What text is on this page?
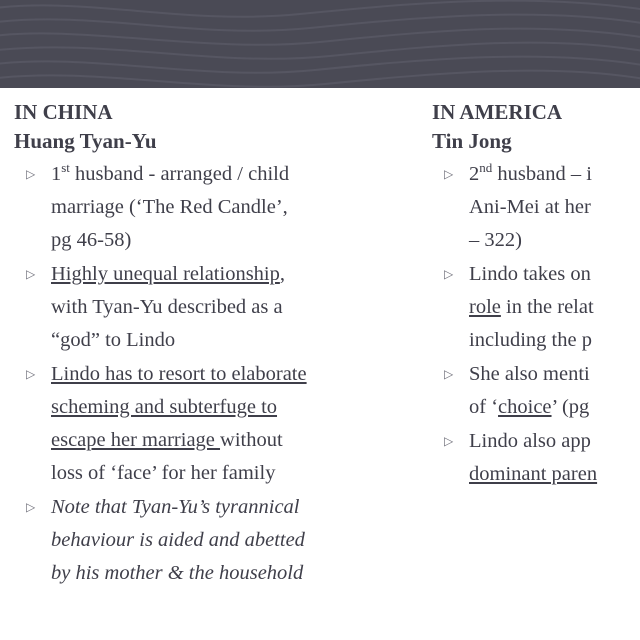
IN CHINA
Huang Tyan-Yu
▷ 1st husband - arranged / child
marriage (‘The Red Candle’,
pg 46-58)
▷ Highly unequal relationship,
with Tyan-Yu described as a
“god” to Lindo
▷ Lindo has to resort to elaborate
scheming and subterfuge to
escape her marriage without
loss of ‘face’ for her family
▷ Note that Tyan-Yu’s tyrannical
behaviour is aided and abetted
by his mother & the household
IN AMERICA
Tin Jong
▷ 2nd husband – i
Ani-Mei at her
– 322)
▷ Lindo takes on
role in the relat
including the p
▷ She also menti
of ‘choice’ (pg
▷ Lindo also app
dominant paren
